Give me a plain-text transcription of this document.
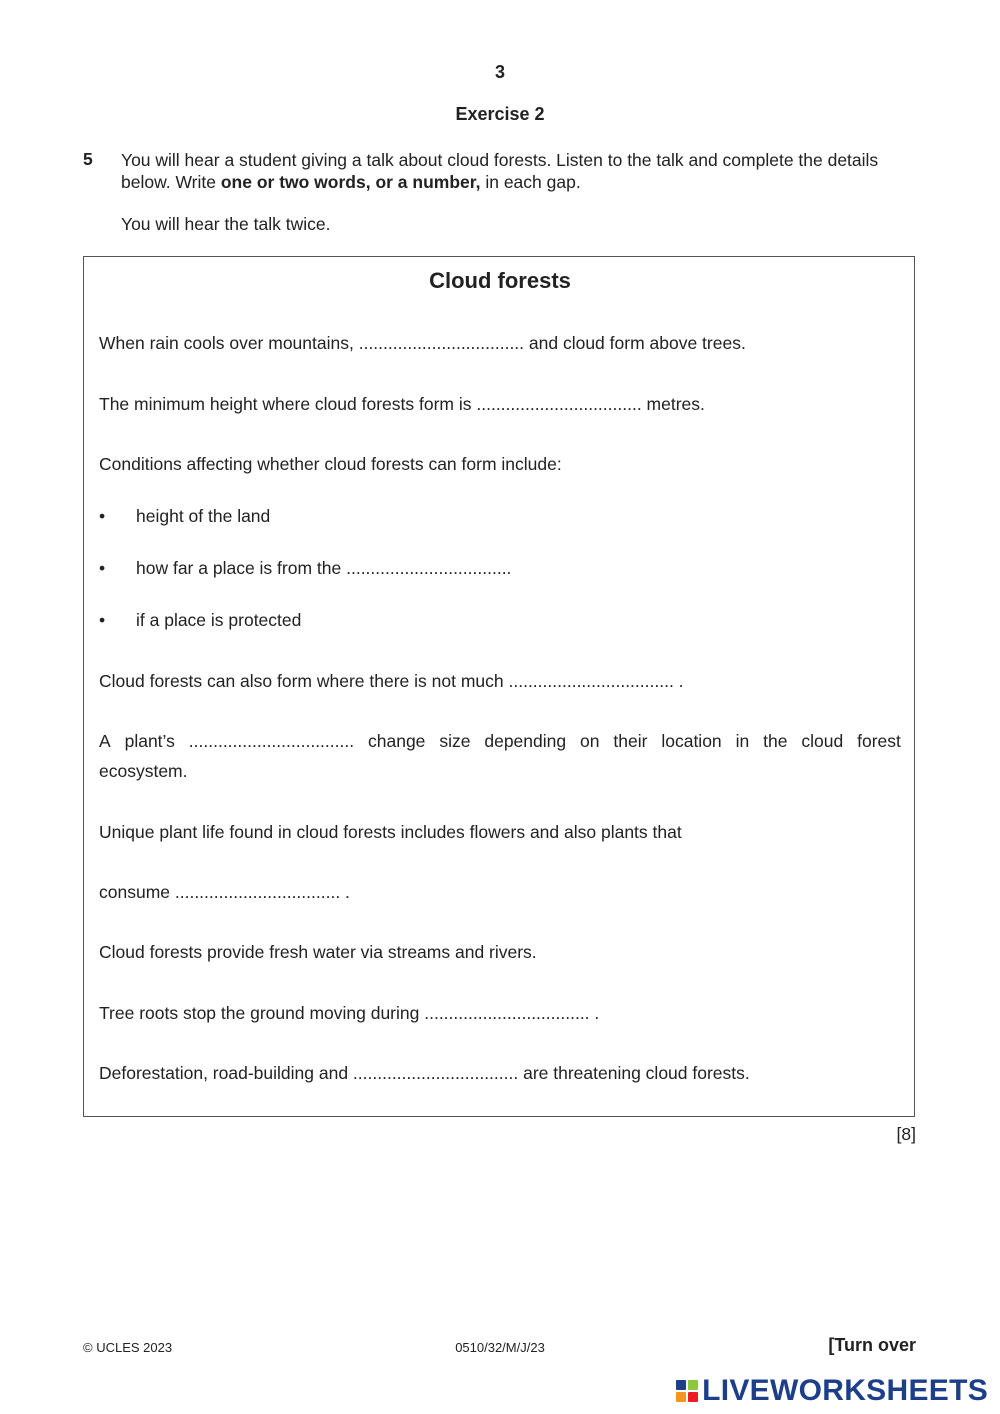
3
Exercise 2
5 You will hear a student giving a talk about cloud forests. Listen to the talk and complete the details below. Write one or two words, or a number, in each gap.
You will hear the talk twice.
Cloud forests
When rain cools over mountains, .................................. and cloud form above trees.
The minimum height where cloud forests form is .................................. metres.
Conditions affecting whether cloud forests can form include:
• height of the land
• how far a place is from the ..................................
• if a place is protected
Cloud forests can also form where there is not much .................................. .
A plant’s .................................. change size depending on their location in the cloud forest
ecosystem.
Unique plant life found in cloud forests includes flowers and also plants that
consume .................................. .
Cloud forests provide fresh water via streams and rivers.
Tree roots stop the ground moving during .................................. .
Deforestation, road-building and .................................. are threatening cloud forests.
[8]
© UCLES 2023	0510/32/M/J/23	[Turn over
LIVEWORKSHEETS
